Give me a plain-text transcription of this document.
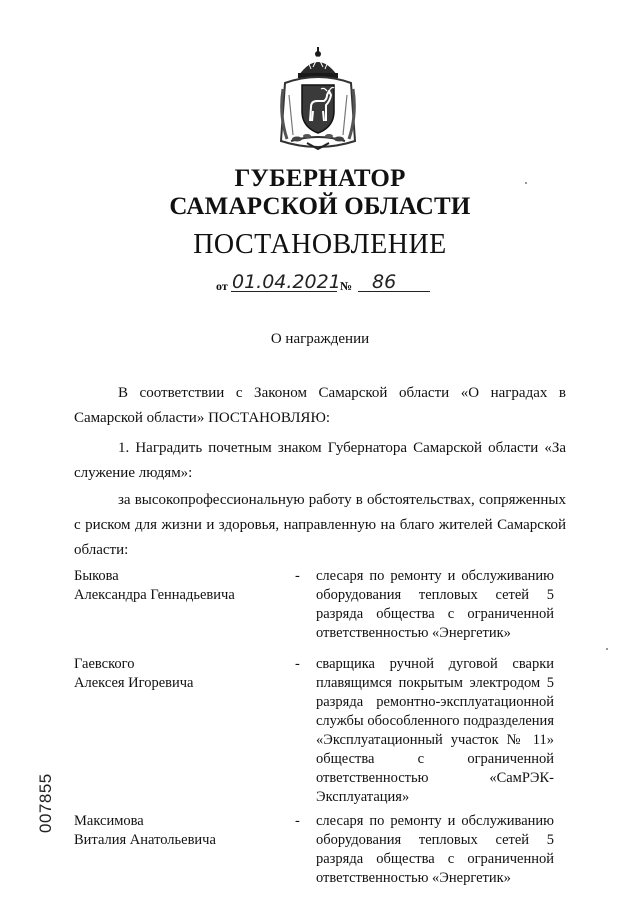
ГУБЕРНАТОР
САМАРСКОЙ ОБЛАСТИ
ПОСТАНОВЛЕНИЕ
от 01.04.2021 № 86
О награждении
В соответствии с Законом Самарской области «О наградах в Самарской области» ПОСТАНОВЛЯЮ:
1. Наградить почетным знаком Губернатора Самарской области «За служение людям»:
за высокопрофессиональную работу в обстоятельствах, сопряженных с риском для жизни и здоровья, направленную на благо жителей Самарской области:
Быкова
Александра Геннадьевича
- слесаря по ремонту и обслуживанию оборудования тепловых сетей 5 разряда общества с ограниченной ответственностью «Энергетик»
Гаевского
Алексея Игоревича
- сварщика ручной дуговой сварки плавящимся покрытым электродом 5 разряда ремонтно-эксплуатационной службы обособленного подразделения «Эксплуатационный участок № 11» общества с ограниченной ответственностью «СамРЭК-Эксплуатация»
Максимова
Виталия Анатольевича
- слесаря по ремонту и обслуживанию оборудования тепловых сетей 5 разряда общества с ограниченной ответственностью «Энергетик»
007855
